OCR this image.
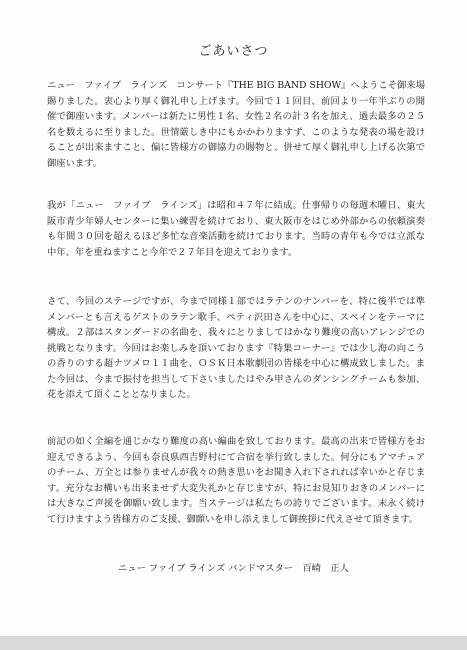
ごあいさつ

ニュー　ファイブ　ラインズ　コンサート『THE BIG BAND SHOW』へようこそ御来場賜りました。衷心より厚く御礼申し上げます。今回で１１回目、前回より一年半ぶりの開催で御座います。メンバーは新たに男性１名、女性２名の計３名を加え、過去最多の２５名を数えるに至りました。世情厳しき中にもかかわりますず、このような発表の場を設けることが出来ますこと、偏に皆様方の御協力の賜物と、併せて厚く御礼申し上げる次第で御座います。

我が「ニュー　ファイブ　ラインズ」は昭和４７年に結成。仕事帰りの毎週木曜日、東大阪市青少年婦人センターに集い練習を続けており、東大阪市をはじめ外部からの依頼演奏も年間３０回を超えるほど多忙な音楽活動を続けております。当時の青年も今では立派な中年、年を重ねますこと今年で２７年目を迎えております。

さて、今回のステージですが、今まで同様１部ではラテンのナンバーを、特に後半では準メンバーとも言えるゲストのラテン歌手、ペティ沢田さんを中心に、スペインをテーマに構成。２部はスタンダードの名曲を、我々にとりましてはかなり難度の高いアレンジでの挑戦となります。今回はお楽しみを頂いております『特集コーナー』では少し海の向こうの香りのする超ナツメロ１１曲を、ＯＳＫ日本歌劇団の皆様を中心に構成致しました。また今回は、今まで振付を担当して下さいましたはやみ甲さんのダンシングチームも参加、花を添えて頂くこととなりました。

前記の如く全編を通じかなり難度の高い編曲を致しております。最高の出来で皆様方をお迎えできるよう、今回も奈良県西吉野村にて合宿を挙行致しました。何分にもアマチュアのチーム、万全とは参りませんが我々の熱き思いをお聞き入れ下されれば幸いかと存じます。充分なお構いも出来ませず大変失礼かと存じますが、特にお見知りおきのメンバーには大きなご声援を御願い致します。当ステージは私たちの誇りでございます。末永く続けて行けますよう皆様方のご支援、御願いを申し添えまして御挨拶に代えさせて頂きます。

ニュー ファイブ ラインズ バンドマスター　百崎　正人
